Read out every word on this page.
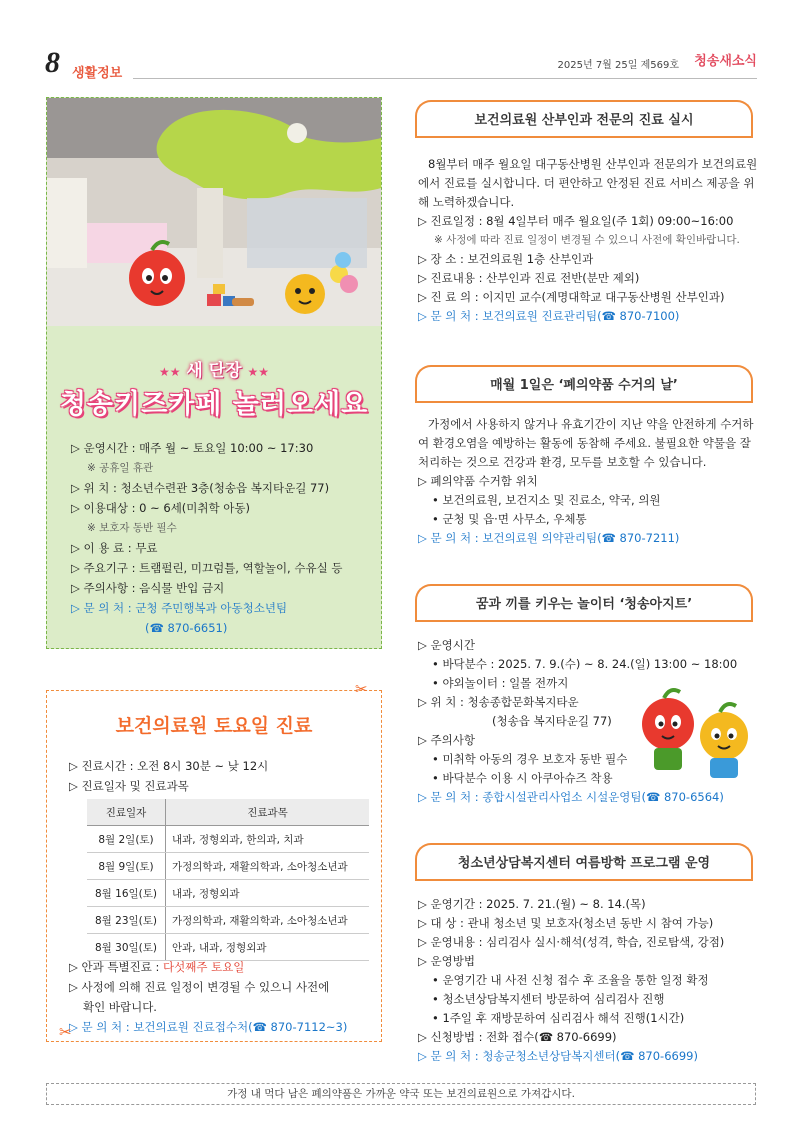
8 생활정보
2025년 7월 25일 제569호 청송새소식
★★ 새 단장 ★★
청송키즈카페 놀러오세요
▷ 운영시간 : 매주 월 ~ 토요일 10:00 ~ 17:30
※ 공휴일 휴관
▷ 위 치 : 청소년수련관 3층(청송읍 복지타운길 77)
▷ 이용대상 : 0 ~ 6세(미취학 아동)
※ 보호자 동반 필수
▷ 이 용 료 : 무료
▷ 주요기구 : 트램펄린, 미끄럼틀, 역할놀이, 수유실 등
▷ 주의사항 : 음식물 반입 금지
▷ 문 의 처 : 군청 주민행복과 아동청소년팀
(☎ 870-6651)
✂
보건의료원 토요일 진료
▷ 진료시간 : 오전 8시 30분 ~ 낮 12시
▷ 진료일자 및 진료과목
진료일자	진료과목
8월 2일(토)	내과, 정형외과, 한의과, 치과
8월 9일(토)	가정의학과, 재활의학과, 소아청소년과
8월 16일(토)	내과, 정형외과
8월 23일(토)	가정의학과, 재활의학과, 소아청소년과
8월 30일(토)	안과, 내과, 정형외과
▷ 안과 특별진료 : 다섯째주 토요일
▷ 사정에 의해 진료 일정이 변경될 수 있으니 사전에
확인 바랍니다.
▷ 문 의 처 : 보건의료원 진료접수처(☎ 870-7112~3)
✂
보건의료원 산부인과 전문의 진료 실시
8월부터 매주 월요일 대구동산병원 산부인과 전문의가 보건의료원에서 진료를 실시합니다. 더 편안하고 안정된 진료 서비스 제공을 위해 노력하겠습니다.
▷ 진료일정 : 8월 4일부터 매주 월요일(주 1회) 09:00~16:00
※ 사정에 따라 진료 일정이 변경될 수 있으니 사전에 확인바랍니다.
▷ 장 소 : 보건의료원 1층 산부인과
▷ 진료내용 : 산부인과 진료 전반(분만 제외)
▷ 진 료 의 : 이지민 교수(계명대학교 대구동산병원 산부인과)
▷ 문 의 처 : 보건의료원 진료관리팀(☎ 870-7100)
매월 1일은 ‘폐의약품 수거의 날’
가정에서 사용하지 않거나 유효기간이 지난 약을 안전하게 수거하여 환경오염을 예방하는 활동에 동참해 주세요. 불필요한 약물을 잘 처리하는 것으로 건강과 환경, 모두를 보호할 수 있습니다.
▷ 폐의약품 수거함 위치
• 보건의료원, 보건지소 및 진료소, 약국, 의원
• 군청 및 읍·면 사무소, 우체통
▷ 문 의 처 : 보건의료원 의약관리팀(☎ 870-7211)
꿈과 끼를 키우는 놀이터 ‘청송아지트’
▷ 운영시간
• 바닥분수 : 2025. 7. 9.(수) ~ 8. 24.(일) 13:00 ~ 18:00
• 야외놀이터 : 일몰 전까지
▷ 위 치 : 청송종합문화복지타운
(청송읍 복지타운길 77)
▷ 주의사항
• 미취학 아동의 경우 보호자 동반 필수
• 바닥분수 이용 시 아쿠아슈즈 착용
▷ 문 의 처 : 종합시설관리사업소 시설운영팀(☎ 870-6564)
청소년상담복지센터 여름방학 프로그램 운영
▷ 운영기간 : 2025. 7. 21.(월) ~ 8. 14.(목)
▷ 대 상 : 관내 청소년 및 보호자(청소년 동반 시 참여 가능)
▷ 운영내용 : 심리검사 실시·해석(성격, 학습, 진로탐색, 강점)
▷ 운영방법
• 운영기간 내 사전 신청 접수 후 조율을 통한 일정 확정
• 청소년상담복지센터 방문하여 심리검사 진행
• 1주일 후 재방문하여 심리검사 해석 진행(1시간)
▷ 신청방법 : 전화 접수(☎ 870-6699)
▷ 문 의 처 : 청송군청소년상담복지센터(☎ 870-6699)
가정 내 먹다 남은 폐의약품은 가까운 약국 또는 보건의료원으로 가져갑시다.
